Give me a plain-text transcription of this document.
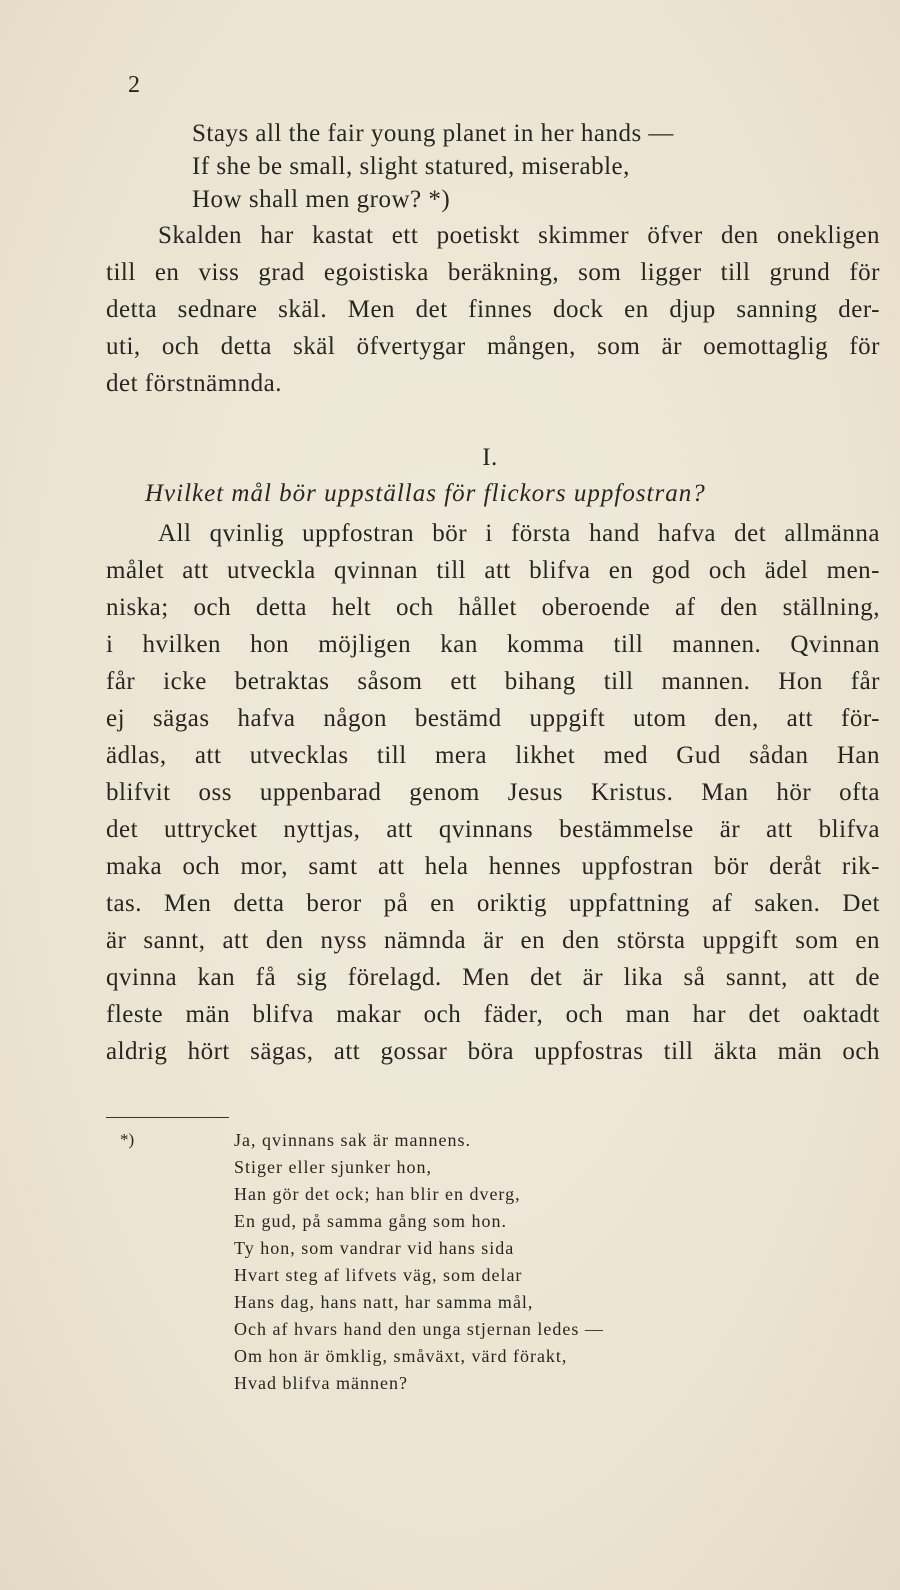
2
Stays all the fair young planet in her hands —
If she be small, slight statured, miserable,
How shall men grow? *)
Skalden har kastat ett poetiskt skimmer öfver den onekligen
till en viss grad egoistiska beräkning, som ligger till grund för
detta sednare skäl. Men det finnes dock en djup sanning der-
uti, och detta skäl öfvertygar mången, som är oemottaglig för
det förstnämnda.
I.
Hvilket mål bör uppställas för flickors uppfostran?
All qvinlig uppfostran bör i första hand hafva det allmänna
målet att utveckla qvinnan till att blifva en god och ädel men-
niska; och detta helt och hållet oberoende af den ställning,
i hvilken hon möjligen kan komma till mannen. Qvinnan
får icke betraktas såsom ett bihang till mannen. Hon får
ej sägas hafva någon bestämd uppgift utom den, att för-
ädlas, att utvecklas till mera likhet med Gud sådan Han
blifvit oss uppenbarad genom Jesus Kristus. Man hör ofta
det uttrycket nyttjas, att qvinnans bestämmelse är att blifva
maka och mor, samt att hela hennes uppfostran bör deråt rik-
tas. Men detta beror på en oriktig uppfattning af saken. Det
är sannt, att den nyss nämnda är en den största uppgift som en
qvinna kan få sig förelagd. Men det är lika så sannt, att de
fleste män blifva makar och fäder, och man har det oaktadt
aldrig hört sägas, att gossar böra uppfostras till äkta män och
*)	Ja, qvinnans sak är mannens.
Stiger eller sjunker hon,
Han gör det ock; han blir en dverg,
En gud, på samma gång som hon.
Ty hon, som vandrar vid hans sida
Hvart steg af lifvets väg, som delar
Hans dag, hans natt, har samma mål,
Och af hvars hand den unga stjernan ledes —
Om hon är ömklig, småväxt, värd förakt,
Hvad blifva männen?
